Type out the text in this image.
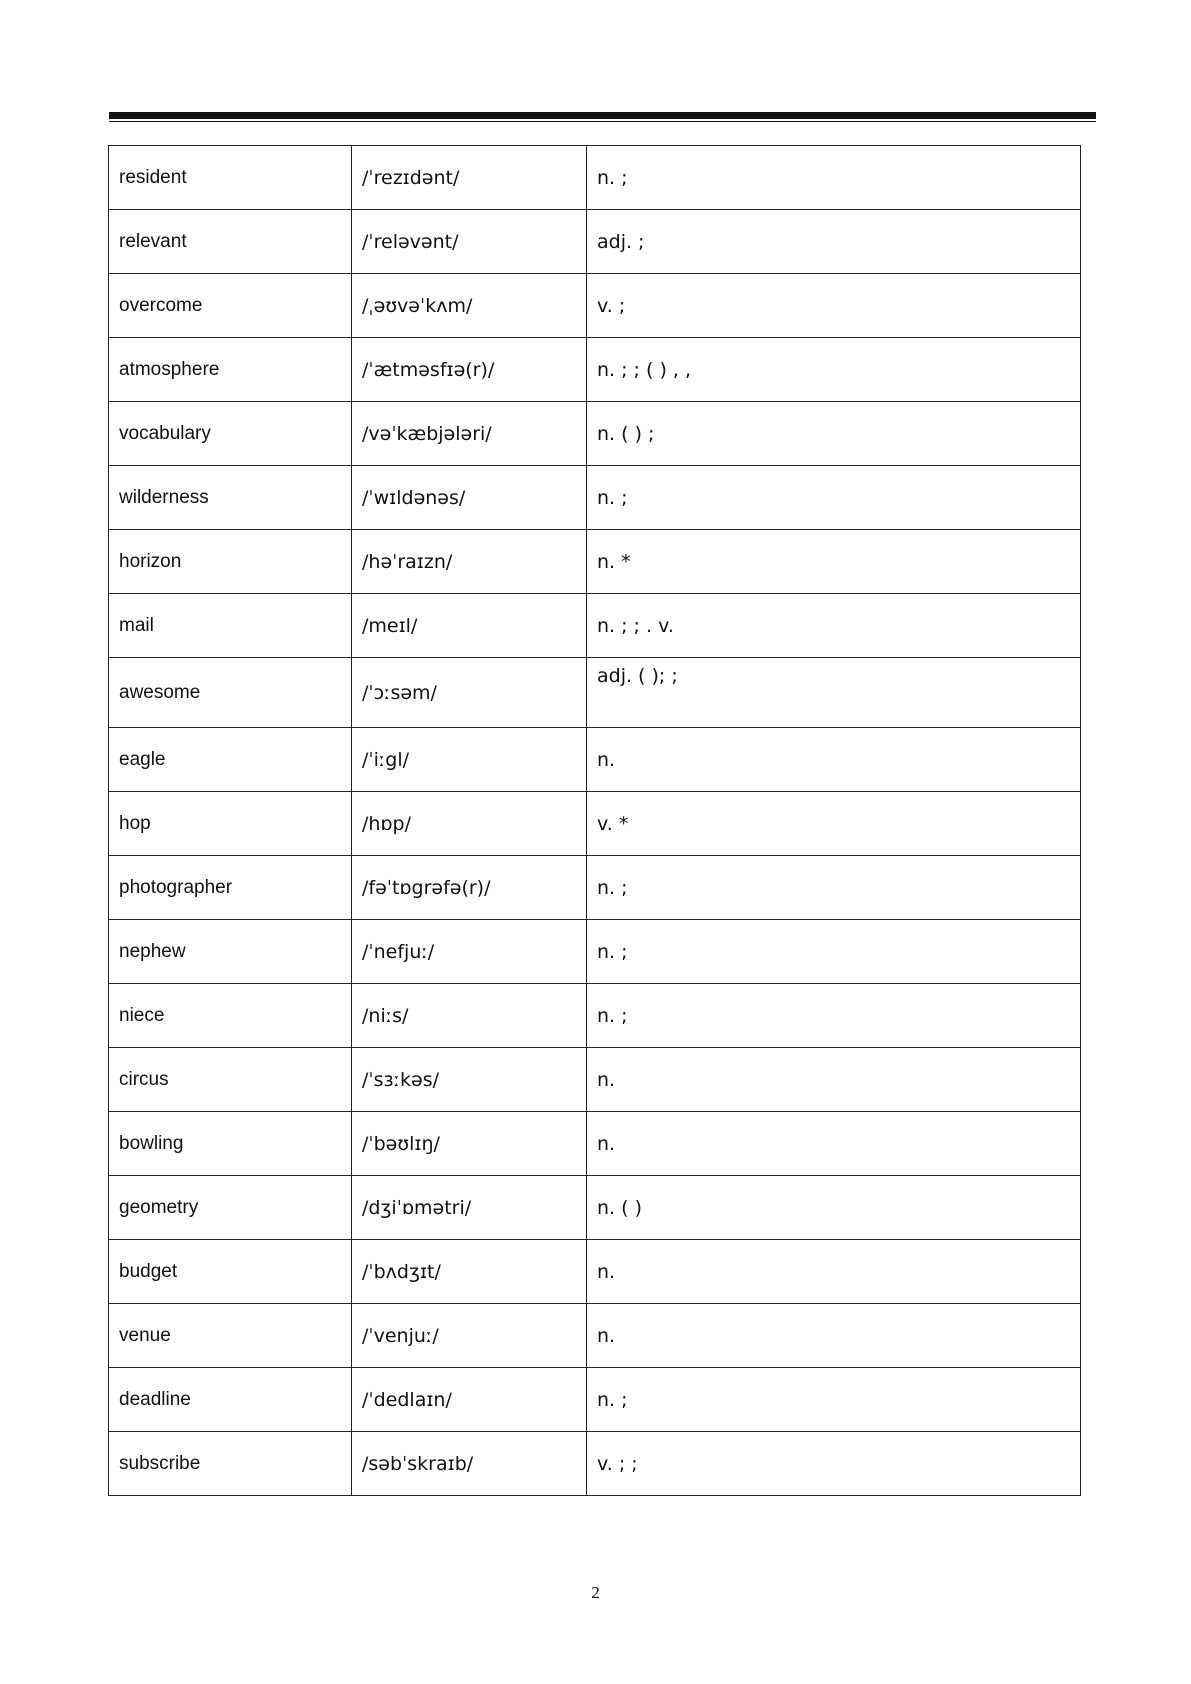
resident	/ˈrezɪdənt/	n. ;
relevant	/ˈreləvənt/	adj. ;
overcome	/ˌəʊvəˈkʌm/	v. ;
atmosphere	/ˈætməsfɪə(r)/	n. ; ; ( ) , ,
vocabulary	/vəˈkæbjələri/	n. ( ) ;
wilderness	/ˈwɪldənəs/	n. ;
horizon	/həˈraɪzn/	n. *
mail	/meɪl/	n. ; ; . v.
awesome	/ˈɔːsəm/	adj. ( ); ;
eagle	/ˈiːgl/	n.
hop	/hɒp/	v. *
photographer	/fəˈtɒgrəfə(r)/	n. ;
nephew	/ˈnefjuː/	n. ;
niece	/niːs/	n. ;
circus	/ˈsɜːkəs/	n.
bowling	/ˈbəʊlɪŋ/	n.
geometry	/dʒiˈɒmətri/	n. ( )
budget	/ˈbʌdʒɪt/	n.
venue	/ˈvenjuː/	n.
deadline	/ˈdedlaɪn/	n. ;
subscribe	/səbˈskraɪb/	v. ; ;
2
